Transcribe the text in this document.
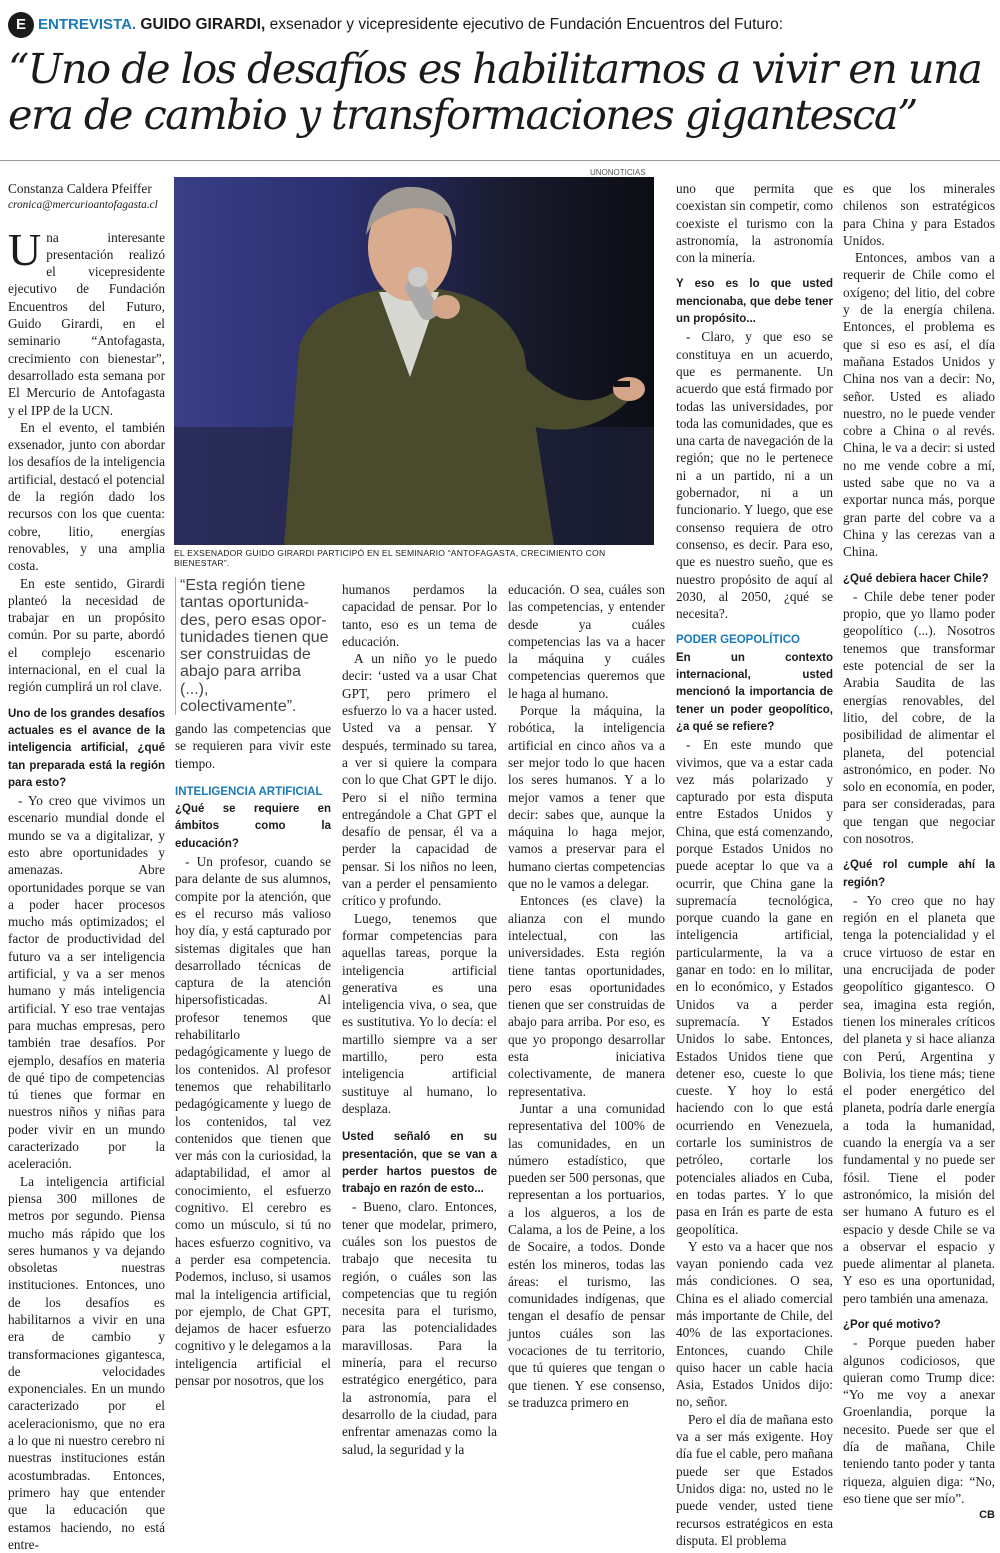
E ENTREVISTA. GUIDO GIRARDI, exsenador y vicepresidente ejecutivo de Fundación Encuentros del Futuro:
“Uno de los desafíos es habilitarnos a vivir en una
era de cambio y transformaciones gigantesca”
UNONOTICIAS
EL EXSENADOR GUIDO GIRARDI PARTICIPÓ EN EL SEMINARIO “ANTOFAGASTA, CRECIMIENTO CON BIENESTAR”.
Constanza Caldera Pfeiffer
cronica@mercurioantofagasta.cl

Una interesante presentación realizó el vicepresidente ejecutivo de Fundación Encuentros del Futuro, Guido Girardi, en el seminario “Antofagasta, crecimiento con bienestar”, desarrollado esta semana por El Mercurio de Antofagasta y el IPP de la UCN.

En el evento, el también exsenador, junto con abordar los desafíos de la inteligencia artificial, destacó el potencial de la región dado los recursos con los que cuenta: cobre, litio, energías renovables, y una amplia costa.

En este sentido, Girardi planteó la necesidad de trabajar en un propósito común. Por su parte, abordó el complejo escenario internacional, en el cual la región cumplirá un rol clave.

Uno de los grandes desafíos actuales es el avance de la inteligencia artificial, ¿qué tan preparada está la región para esto?

- Yo creo que vivimos un escenario mundial donde el mundo se va a digitalizar, y esto abre oportunidades y amenazas. Abre oportunidades porque se van a poder hacer procesos mucho más optimizados; el factor de productividad del futuro va a ser inteligencia artificial, y va a ser menos humano y más inteligencia artificial. Y eso trae ventajas para muchas empresas, pero también trae desafíos. Por ejemplo, desafíos en materia de qué tipo de competencias tú tienes que formar en nuestros niños y niñas para poder vivir en un mundo caracterizado por la aceleración.

La inteligencia artificial piensa 300 millones de metros por segundo. Piensa mucho más rápido que los seres humanos y va dejando obsoletas nuestras instituciones. Entonces, uno de los desafíos es habilitarnos a vivir en una era de cambio y transformaciones gigantesca, de velocidades exponenciales. En un mundo caracterizado por el aceleracionismo, que no era a lo que ni nuestro cerebro ni nuestras instituciones están acostumbradas. Entonces, primero hay que entender que la educación que estamos haciendo, no está entre-

“Esta región tiene
tantas oportunida-
des, pero esas opor-
tunidades tienen que
ser construidas de
abajo para arriba (...),
colectivamente”.

gando las competencias que se requieren para vivir este tiempo.

INTELIGENCIA ARTIFICIAL

¿Qué se requiere en ámbitos como la educación?

- Un profesor, cuando se para delante de sus alumnos, compite por la atención, que es el recurso más valioso hoy día, y está capturado por sistemas digitales que han desarrollado técnicas de captura de la atención hipersofisticadas. Al profesor tenemos que rehabilitarlo pedagógicamente y luego de los contenidos. Al profesor tenemos que rehabilitarlo pedagógicamente y luego de los contenidos, tal vez contenidos que tienen que ver más con la curiosidad, la adaptabilidad, el amor al conocimiento, el esfuerzo cognitivo. El cerebro es como un músculo, si tú no haces esfuerzo cognitivo, va a perder esa competencia. Podemos, incluso, si usamos mal la inteligencia artificial, por ejemplo, de Chat GPT, dejamos de hacer esfuerzo cognitivo y le delegamos a la inteligencia artificial el pensar por nosotros, que los

humanos perdamos la capacidad de pensar. Por lo tanto, eso es un tema de educación.

A un niño yo le puedo decir: ‘usted va a usar Chat GPT, pero primero el esfuerzo lo va a hacer usted. Usted va a pensar. Y después, terminado su tarea, a ver si quiere la compara con lo que Chat GPT le dijo. Pero si el niño termina entregándole a Chat GPT el desafío de pensar, él va a perder la capacidad de pensar. Si los niños no leen, van a perder el pensamiento crítico y profundo.

Luego, tenemos que formar competencias para aquellas tareas, porque la inteligencia artificial generativa es una inteligencia viva, o sea, que es sustitutiva. Yo lo decía: el martillo siempre va a ser martillo, pero esta inteligencia artificial sustituye al humano, lo desplaza.

Usted señaló en su presentación, que se van a perder hartos puestos de trabajo en razón de esto...

- Bueno, claro. Entonces, tener que modelar, primero, cuáles son los puestos de trabajo que necesita tu región, o cuáles son las competencias que tu región necesita para el turismo, para las potencialidades maravillosas. Para la minería, para el recurso estratégico energético, para la astronomía, para el desarrollo de la ciudad, para enfrentar amenazas como la salud, la seguridad y la

educación. O sea, cuáles son las competencias, y entender desde ya cuáles competencias las va a hacer la máquina y cuáles competencias queremos que le haga al humano.

Porque la máquina, la robótica, la inteligencia artificial en cinco años va a ser mejor todo lo que hacen los seres humanos. Y a lo mejor vamos a tener que decir: sabes que, aunque la máquina lo haga mejor, vamos a preservar para el humano ciertas competencias que no le vamos a delegar.

Entonces (es clave) la alianza con el mundo intelectual, con las universidades. Esta región tiene tantas oportunidades, pero esas oportunidades tienen que ser construidas de abajo para arriba. Por eso, es que yo propongo desarrollar esta iniciativa colectivamente, de manera representativa.

Juntar a una comunidad representativa del 100% de las comunidades, en un número estadístico, que pueden ser 500 personas, que representan a los portuarios, a los algueros, a los de Calama, a los de Peine, a los de Socaire, a todos. Donde estén los mineros, todas las áreas: el turismo, las comunidades indígenas, que tengan el desafío de pensar juntos cuáles son las vocaciones de tu territorio, que tú quieres que tengan o que tienen. Y ese consenso, se traduzca primero en

uno que permita que coexistan sin competir, como coexiste el turismo con la astronomía, la astronomía con la minería.

Y eso es lo que usted mencionaba, que debe tener un propósito...

- Claro, y que eso se constituya en un acuerdo, que es permanente. Un acuerdo que está firmado por todas las universidades, por toda las comunidades, que es una carta de navegación de la región; que no le pertenece ni a un partido, ni a un gobernador, ni a un funcionario. Y luego, que ese consenso requiera de otro consenso, es decir. Para eso, que es nuestro sueño, que es nuestro propósito de aquí al 2030, al 2050, ¿qué se necesita?.

PODER GEOPOLÍTICO

En un contexto internacional, usted mencionó la importancia de tener un poder geopolítico, ¿a qué se refiere?

- En este mundo que vivimos, que va a estar cada vez más polarizado y capturado por esta disputa entre Estados Unidos y China, que está comenzando, porque Estados Unidos no puede aceptar lo que va a ocurrir, que China gane la supremacía tecnológica, porque cuando la gane en inteligencia artificial, particularmente, la va a ganar en todo: en lo militar, en lo económico, y Estados Unidos va a perder supremacía. Y Estados Unidos lo sabe. Entonces, Estados Unidos tiene que detener eso, cueste lo que cueste. Y hoy lo está haciendo con lo que está ocurriendo en Venezuela, cortarle los suministros de petróleo, cortarle los potenciales aliados en Cuba, en todas partes. Y lo que pasa en Irán es parte de esta geopolítica.

Y esto va a hacer que nos vayan poniendo cada vez más condiciones. O sea, China es el aliado comercial más importante de Chile, del 40% de las exportaciones. Entonces, cuando Chile quiso hacer un cable hacia Asia, Estados Unidos dijo: no, señor.

Pero el día de mañana esto va a ser más exigente. Hoy día fue el cable, pero mañana puede ser que Estados Unidos diga: no, usted no le puede vender, usted tiene recursos estratégicos en esta disputa. El problema

es que los minerales chilenos son estratégicos para China y para Estados Unidos.

Entonces, ambos van a requerir de Chile como el oxígeno; del litio, del cobre y de la energía chilena. Entonces, el problema es que si eso es así, el día mañana Estados Unidos y China nos van a decir: No, señor. Usted es aliado nuestro, no le puede vender cobre a China o al revés. China, le va a decir: si usted no me vende cobre a mí, usted sabe que no va a exportar nunca más, porque gran parte del cobre va a China y las cerezas van a China.

¿Qué debiera hacer Chile?

- Chile debe tener poder propio, que yo llamo poder geopolítico (...). Nosotros tenemos que transformar este potencial de ser la Arabia Saudita de las energías renovables, del litio, del cobre, de la posibilidad de alimentar el planeta, del potencial astronómico, en poder. No solo en economía, en poder, para ser consideradas, para que tengan que negociar con nosotros.

¿Qué rol cumple ahí la región?

- Yo creo que no hay región en el planeta que tenga la potencialidad y el cruce virtuoso de estar en una encrucijada de poder geopolítico gigantesco. O sea, imagina esta región, tienen los minerales críticos del planeta y si hace alianza con Perú, Argentina y Bolivia, los tiene más; tiene el poder energético del planeta, podría darle energía a toda la humanidad, cuando la energía va a ser fundamental y no puede ser fósil. Tiene el poder astronómico, la misión del ser humano A futuro es el espacio y desde Chile se va a observar el espacio y puede alimentar al planeta. Y eso es una oportunidad, pero también una amenaza.

¿Por qué motivo?

- Porque pueden haber algunos codiciosos, que quieran como Trump dice: “Yo me voy a anexar Groenlandia, porque la necesito. Puede ser que el día de mañana, Chile teniendo tanto poder y tanta riqueza, alguien diga: “No, eso tiene que ser mío”.

CB
